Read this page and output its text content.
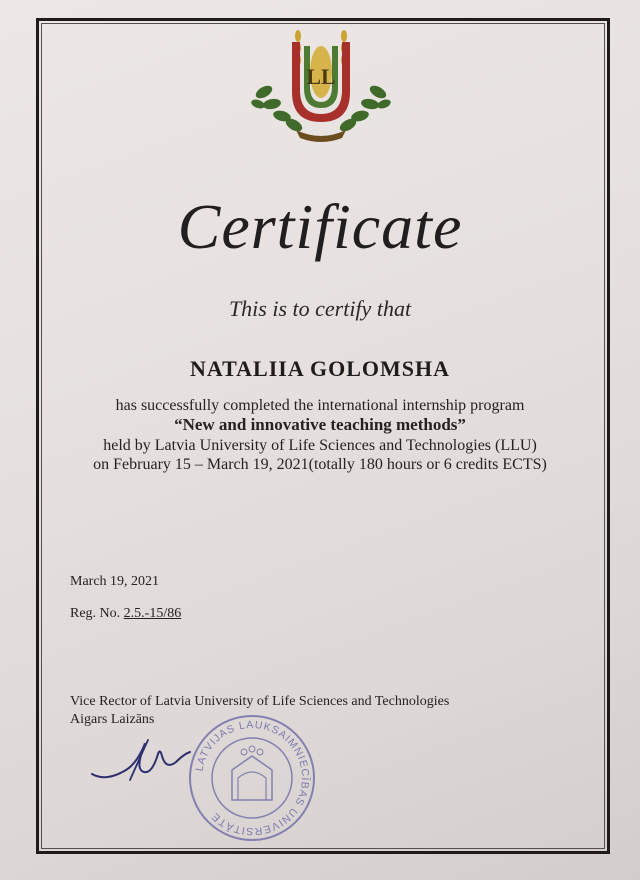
LL
Certificate
This is to certify that
NATALIIA GOLOMSHA
has successfully completed the international internship program
“New and innovative teaching methods”
held by Latvia University of Life Sciences and Technologies (LLU)
on February 15 – March 19, 2021(totally 180 hours or 6 credits ECTS)
March 19, 2021
Reg. No. 2.5.-15/86
Vice Rector of Latvia University of Life Sciences and Technologies
Aigars Laizāns
LATVIJAS LAUKSAIMNIECĪBAS UNIVERSITĀTE
